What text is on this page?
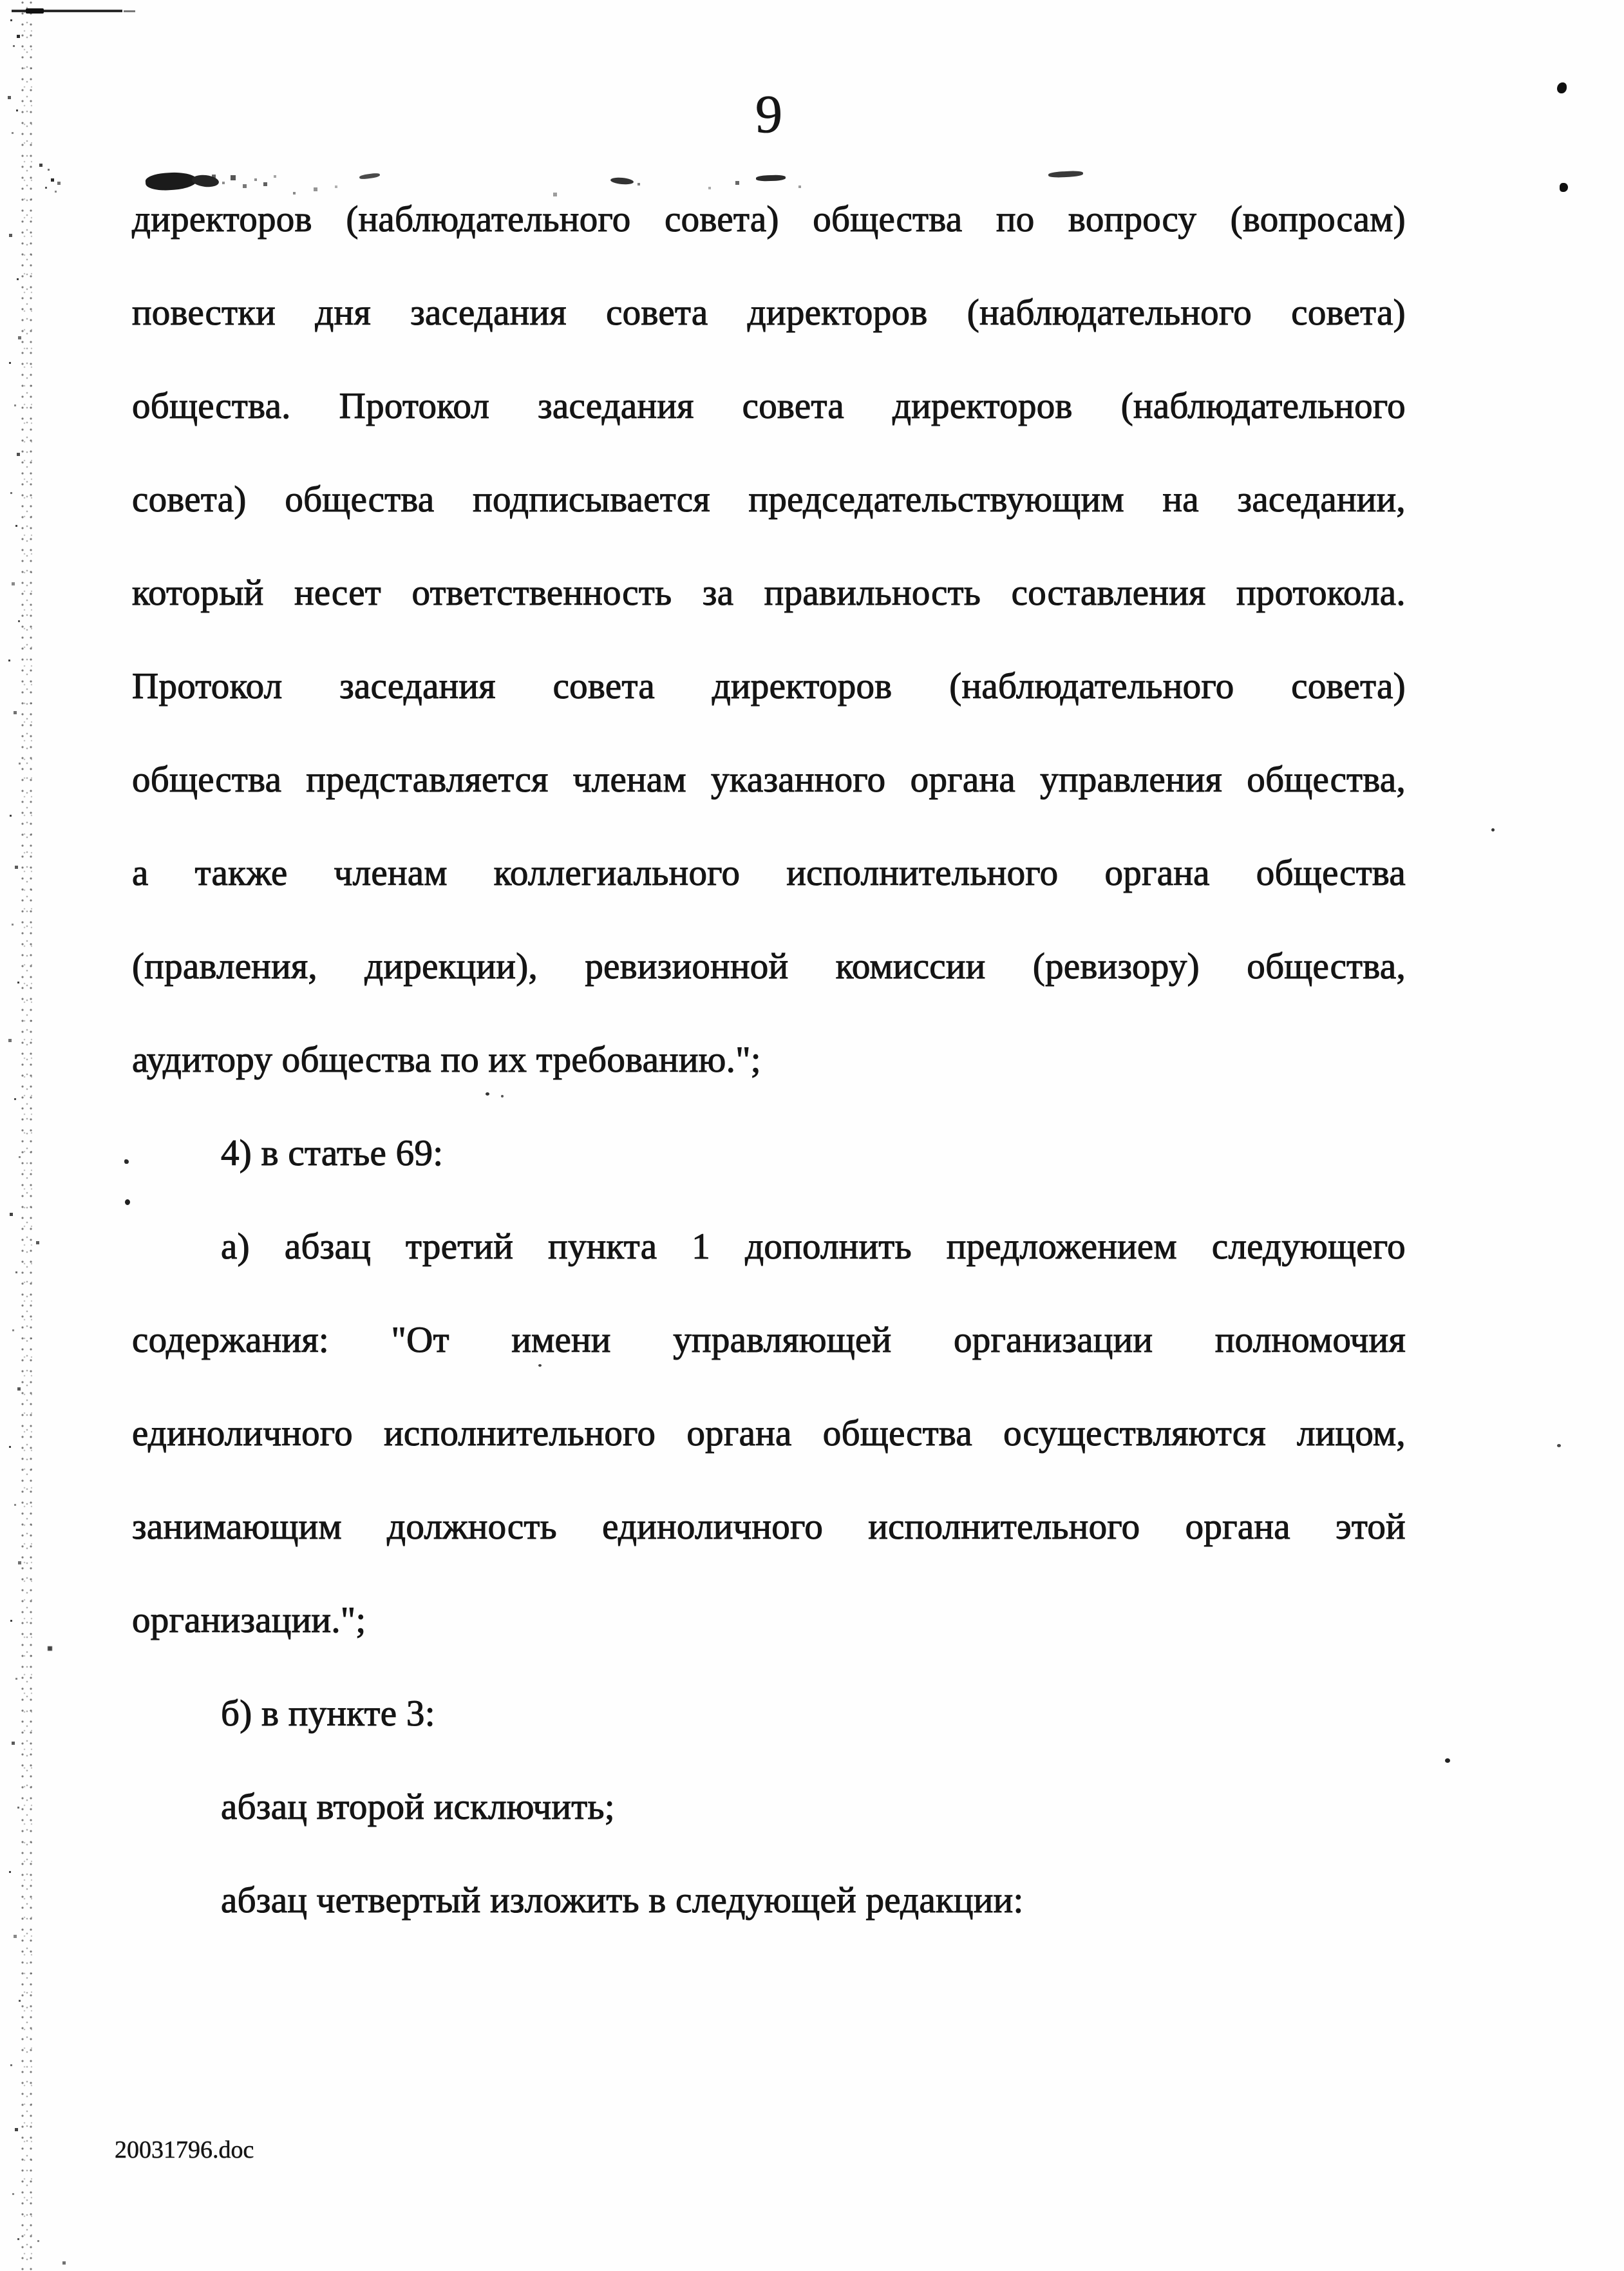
9
директоров (наблюдательного совета) общества по вопросу (вопросам)
повестки дня заседания совета директоров (наблюдательного совета)
общества. Протокол заседания совета директоров (наблюдательного
совета) общества подписывается председательствующим на заседании,
который несет ответственность за правильность составления протокола.
Протокол заседания совета директоров (наблюдательного совета)
общества представляется членам указанного органа управления общества,
а также членам коллегиального исполнительного органа общества
(правления, дирекции), ревизионной комиссии (ревизору) общества,
аудитору общества по их требованию.";
4) в статье 69:
а) абзац третий пункта 1 дополнить предложением следующего
содержания: "От имени управляющей организации полномочия
единоличного исполнительного органа общества осуществляются лицом,
занимающим должность единоличного исполнительного органа этой
организации.";
б) в пункте 3:
абзац второй исключить;
абзац четвертый изложить в следующей редакции:
20031796.doc
